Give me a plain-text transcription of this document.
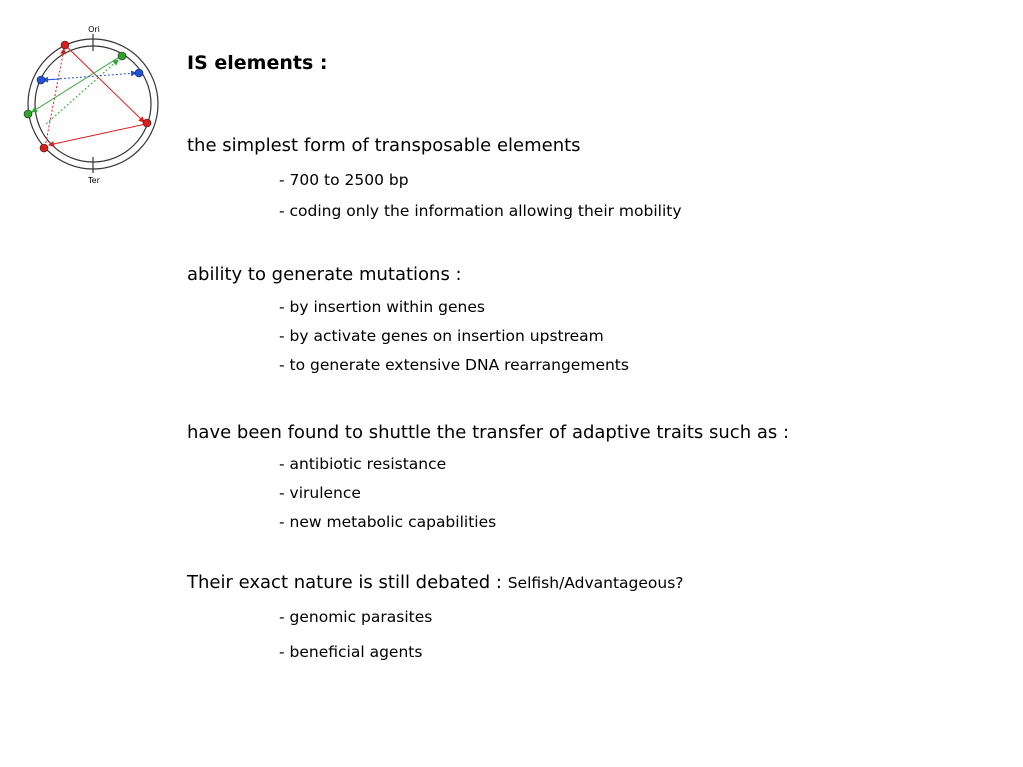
Ori
Ter
IS elements :
the simplest form of transposable elements
- 700 to 2500 bp
- coding only the information allowing their mobility
ability to generate mutations :
- by insertion within genes
- by activate genes on insertion upstream
- to generate extensive DNA rearrangements
have been found to shuttle the transfer of adaptive traits such as :
- antibiotic resistance
- virulence
- new metabolic capabilities
Their exact nature is still debated : Selfish/Advantageous?
- genomic parasites
- beneficial agents
